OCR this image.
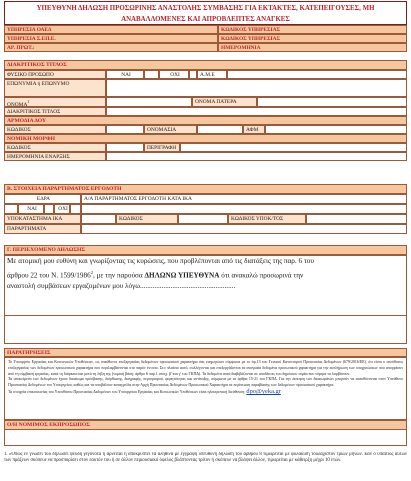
ΥΠΕΥΘΥΝΗ ΔΗΛΩΣΗ ΠΡΟΣΩΡΙΝΗΣ ΑΝΑΣΤΟΛΗΣ ΣΥΜΒΑΣΗΣ ΓΙΑ ΕΚΤΑΚΤΕΣ, ΚΑΤΕΠΕΙΓΟΥΣΕΣ, ΜΗ ΑΝΑΒΑΛΛΟΜΕΝΕΣ ΚΑΙ ΑΠΡΟΒΛΕΠΤΕΣ ΑΝΑΓΚΕΣ
ΥΠΗΡΕΣΙΑ ΟΑΕΔ	ΚΩΔΙΚΟΣ ΥΠΗΡΕΣΙΑΣ
ΥΠΗΡΕΣΙΑ Σ.ΕΠ.Ε.	ΚΩΔΙΚΟΣ ΥΠΗΡΕΣΙΑΣ
ΑΡ. ΠΡΩΤ.:	ΗΜΕΡΟΜΗΝΙΑ
ΔΙΑΚΡΙΤΙΚΟΣ ΤΙΤΛΟΣ
ΦΥΣΙΚΟ ΠΡΟΣΩΠΟ	ΝΑΙ	ΟΧΙ	Α.Μ.Ε
ΕΠΩΝΥΜΙΑ ή ΕΠΩΝΥΜΟ
ΟΝΟΜΑ$^1$	ΟΝΟΜΑ ΠΑΤΕΡΑ
ΔΙΑΚΡΙΤΙΚΟΣ ΤΙΤΛΟΣ
ΑΡΜΟΔΙΑ ΔΟΥ
ΚΩΔΙΚΟΣ	ΟΝΟΜΑΣΙΑ	ΑΦΜ
ΝΟΜΙΚΗ ΜΟΡΦΗ
ΚΩΔΙΚΟΣ	ΠΕΡΙΓΡΑΦΗ
ΗΜΕΡΟΜΗΝΙΑ ΕΝΑΡΞΗΣ
Β. ΣΤΟΙΧΕΙΑ ΠΑΡΑΡΤΗΜΑΤΟΣ ΕΡΓΟΔΟΤΗ
ΕΔΡΑ	Α/Α ΠΑΡΑΡΤΗΜΑΤΟΣ ΕΡΓΟΔΟΤΗ ΚΑΤΑ ΙΚΑ
ΝΑΙ	ΟΧΙ
ΥΠΟΚΑΤΑΣΤΗΜΑ ΙΚΑ	ΚΩΔΙΚΟΣ	ΚΩΔΙΚΟΣ ΥΠΟΚ/ΤΟΣ
ΠΑΡΑΡΤΗΜΑΤΑ
Γ. ΠΕΡΙΕΧΟΜΕΝΟ ΔΗΛΩΣΗΣ
Με ατομική μου ευθύνη και γνωρίζοντας τις κυρώσεις, που προβλέπονται από τις διατάξεις της παρ. 6 του
άρθρου 22 του Ν. 1599/1986$^2$, με την παρούσα ΔΗΛΩΝΩ ΥΠΕΥΘΥΝΑ ότι ανακαλώ προσωρινά την
αναστολή συμβάσεων εργαζομένων μου λόγω.....................................................
ΠΑΡΑΤΗΡΗΣΕΙΣ
Το Υπουργείο Εργασίας και Κοινωνικών Υποθέσεων, ως υπεύθυνος επεξεργασίας δεδομένων προσωπικού χαρακτήρα σας ενημερώνει σύμφωνα με το άρ.13 του Γενικού Κανονισμού Προστασίας Δεδομένων (679/2016/ΕΕ), ότι είναι ο υπεύθυνος επεξεργασίας των δεδομένων προσωπικού χαρακτήρα που περιλαμβάνονται στο παρόν έντυπο. Στο πλαίσιο αυτό, συλλέγονται και επεξεργάζονται τα αναγκαία δεδομένα προσωπικού χαρακτήρα για την εκπλήρωση των υποχρεώσεων που απορρέουν από τη σύμβαση εργασίας, κατά τη διάρκεια και μετά τη λήξη της (νομική βάση: άρθρο 6 παρ.1 στοιχ. β' και γ' του ΓΚΠΔ). Τα δεδομένα αυτά διαβιβάζονται σε αποδέκτες του δημόσιου τομέα που νόμιμα τα λαμβάνουν.
Τα υποκείμενα των δεδομένων έχουν δικαίωμα πρόσβασης, διόρθωσης, διαγραφής, περιορισμού, φορητότητας και αντίταξης, σύμφωνα με τα άρθρα 15-21 του ΓΚΠΔ. Για την άσκηση των δικαιωμάτων μπορούν να απευθύνονται στον Υπεύθυνο Προστασίας Δεδομένων του Υπουργείου, καθώς και να υποβάλουν καταγγελία στην Αρχή Προστασίας Δεδομένων Προσωπικού Χαρακτήρα σε περίπτωση παραβίασης των δεδομένων προσωπικού χαρακτήρα.
Τα στοιχεία επικοινωνίας του Υπευθύνου Προστασίας Δεδομένων του Υπουργείου Εργασίας και Κοινωνικών Υποθέσεων είναι ηλεκτρονική διεύθυνση: dpo@yeka.gr
Ο/Η ΝΟΜΙΜΟΣ ΕΚΠΡΟΣΩΠΟΣ
1. «Όπως εν γνώσει του δηλώσει ψευδή γεγονότα ή αρνείται ή αποκρύπτει τα αληθινά με έγγραφη υπεύθυνη δήλωση του άρθρου 8 τιμωρείται με φυλάκιση τουλάχιστον τριών μηνών. Εάν ο υπαίτιος αυτών των πράξεων σκόπευε να προσπορίσει στον εαυτόν του ή σε άλλον περιουσιακό όφελος βλάπτοντας τρίτον ή σκόπευε να βλάψει άλλον, τιμωρείται με κάθειρξη μέχρι 10 ετών.
